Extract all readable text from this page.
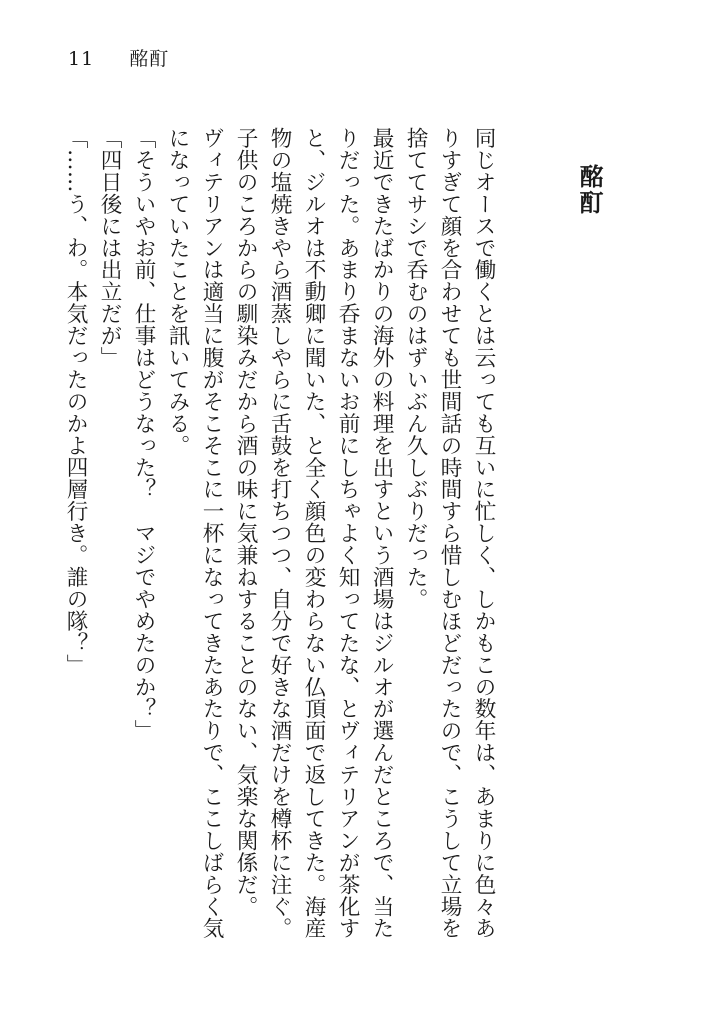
11 酩酊
酩酊

同じオースで働くとは云っても互いに忙しく、しかもこの数年は、あまりに色々ありすぎて顔を合わせても世間話の時間すら惜しむほどだったので、こうして立場を捨ててサシで呑むのはずいぶん久しぶりだった。

最近できたばかりの海外の料理を出すという酒場はジルオが選んだところで、当たりだった。あまり呑まないお前にしちゃよく知ってたな、とヴィテリアンが茶化すと、ジルオは不動卿に聞いた、と全く顔色の変わらない仏頂面で返してきた。海産物の塩焼きやら酒蒸しやらに舌鼓を打ちつつ、自分で好きな酒だけを樽杯に注ぐ。子供のころからの馴染みだから酒の味に気兼ねすることのない、気楽な関係だ。

ヴィテリアンは適当に腹がそこそこに一杯になってきたあたりで、ここしばらく気になっていたことを訊いてみる。

「そういやお前、仕事はどうなった？　マジでやめたのか？」

「四日後には出立だが」

「……う、わ。本気だったのかよ四層行き。誰の隊？」
